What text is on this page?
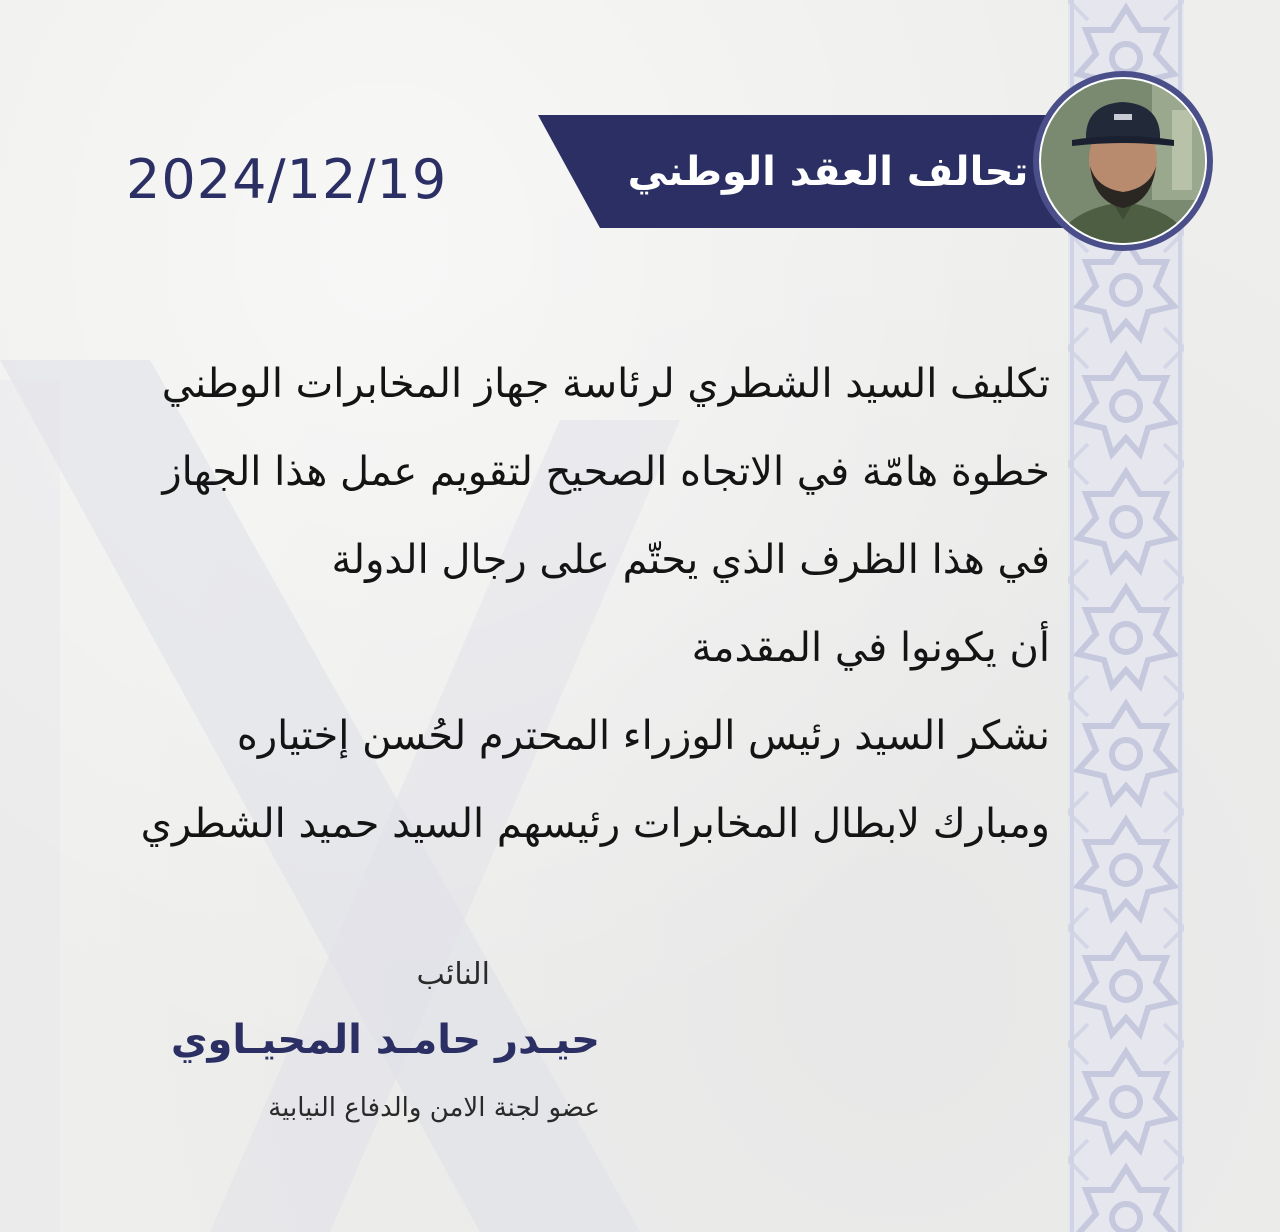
تحالف العقد الوطني
2024/12/19
تكليف السيد الشطري لرئاسة جهاز المخابرات الوطني
خطوة هامّة في الاتجاه الصحيح لتقويم عمل هذا الجهاز
في هذا الظرف الذي يحتّم على رجال الدولة
أن يكونوا في المقدمة
نشكر السيد رئيس الوزراء المحترم لحُسن إختياره
ومبارك لابطال المخابرات رئيسهم السيد حميد الشطري
النائب
حيـدر حامـد المحيـاوي
عضو لجنة الامن والدفاع النيابية
